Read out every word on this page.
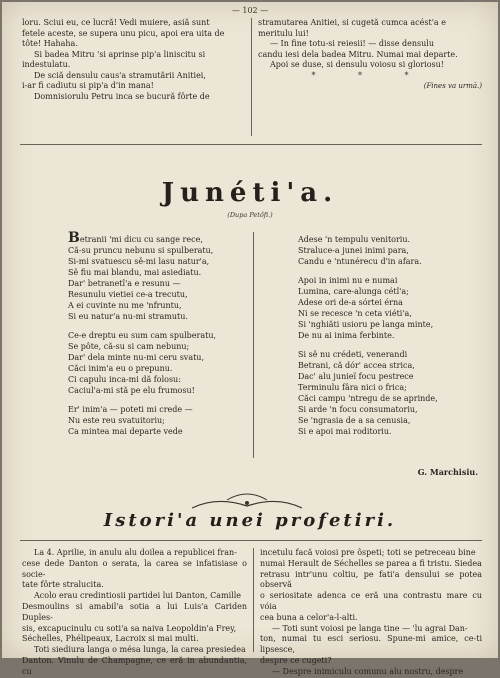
— 102 —

loru. Sciui eu, ce lucră! Vedi muiere, asiă sunt

fetele aceste, se supera unu picu, apoi era uita de

tôte! Hahaha.

Si badea Mitru 'si aprinse pip'a liniscitu si

indestulatu.

De sciă densulu caus'a stramutării Anitiei,

i-ar fi cadiutu si pip'a d'in mana!

Domnisiorulu Petru inca se bucură fôrte de

stramutarea Anitiei, si cugetă cumca acést'a e

meritulu lui!

— In fine totu-si reiesii! — disse densulu

candu iesi dela badea Mitru. Numai mai departe.

Apoi se duse, si densulu voiosu si gloriosu!

* * *

(Fines va urmă.)

Junéti'a.
(Dupa Petőfi.)
Betranii 'mi dicu cu sange rece,
Că-su pruncu nebunu si spulberatu,
Si-mi svatuescu sě-mi lasu natur'a,
Sě fiu mai blandu, mai asiediatu.
Dar' betranetî'a e resunu —
Resunulu vietiei ce-a trecutu,
A ei cuvinte nu me 'nfruntu,
Si eu natur'a nu-mi stramutu.
Ce-e dreptu eu sum cam spulberatu,
Se pôte, că-su si cam nebunu;
Dar' dela minte nu-mi ceru svatu,
Căci inim'a eu o prepunu.
Ci capulu inca-mi dă folosu:
Caciul'a-mi stă pe elu frumosu!
Er' inim'a — poteti mi crede —
Nu este reu svatuitoriu;
Ca mintea mai departe vede
Adese 'n tempulu venitoriu.
Straluce-a junei inimi para,
Candu e 'ntunérecu d'in afara.
Apoi in inimi nu e numai
Lumina, care-alunga cétî'a;
Adese ori de-a sórtei érna
Ni se recesce 'n ceta viéti'a,
Si 'nghiăti usioru pe langa minte,
De nu ai inima ferbinte.
Si sě nu crédeti, venerandi
Betrani, că dór' accea strica,
Dac' alu junieï focu pestrece
Terminulu fâra nici o frica;
Căci campu 'ntregu de se aprinde,
Si arde 'n focu consumatoriu,
Se 'ngrasia de a sa cenusia,
Si e apoi mai roditoriu.
G. Marchisiu.
Istori'a unei profetiri.

La 4. Aprilie, in anulu alu doilea a republicei fran-

cese dede Danton o serata, la carea se infatisiase o socie-

tate fôrte stralucita.

Acolo erau credintiosii partidei lui Danton, Camille

Desmoulins si amabil'a sotia a lui Luis'a Cariden Duples-

sis, excapucinulu cu soti'a sa naiva Leopoldin'a Frey,

Séchelles, Phélipeaux, Lacroix si mai multi.

Toti siediura langa o mésa lunga, la carea presiedea

Danton. Vinulu de Champagne, ce eră in abundantia, cu

incetulu facă voiosi pre ôspeti; toti se petreceau bine

numai Herault de Séchelles se parea a fi tristu. Siedea

retrasu intr'unu coltiu, pe fati'a densului se potea observă

o seriositate adenca ce eră una contrastu mare cu vóia

cea buna a celor'a-l-alti.

— Toti sunt voiosi pe langa tine — 'lu agrai Dan-

ton, numai tu esci seriosu. Spune-mi amice, ce-ti lipsesce,

despre ce cugeti?

— Despre inimiculu comunu alu nostru, despre
